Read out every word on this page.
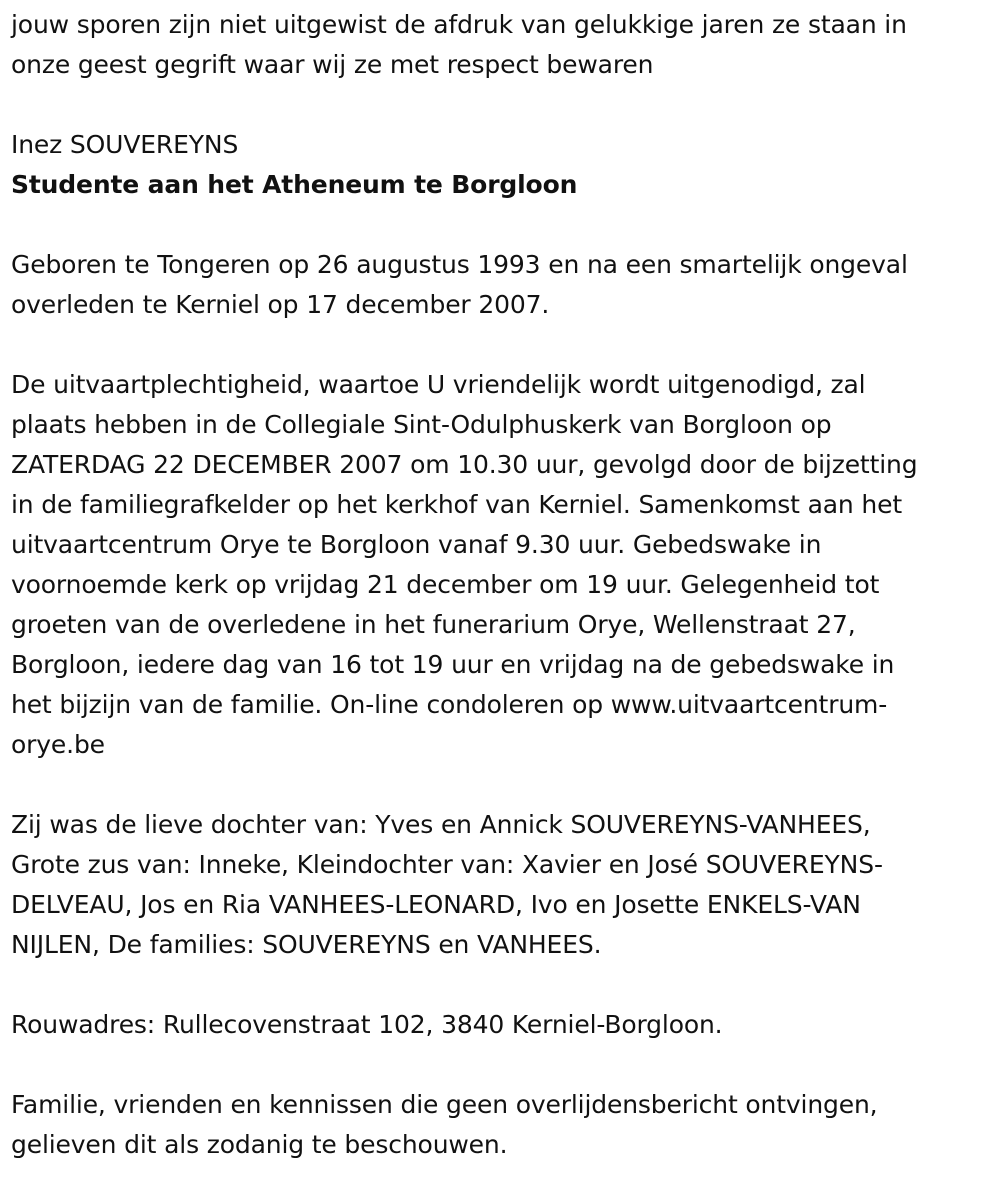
jouw sporen zijn niet uitgewist de afdruk van gelukkige jaren ze staan in
onze geest gegrift waar wij ze met respect bewaren
Inez SOUVEREYNS
Studente aan het Atheneum te Borgloon
Geboren te Tongeren op 26 augustus 1993 en na een smartelijk ongeval
overleden te Kerniel op 17 december 2007.
De uitvaartplechtigheid, waartoe U vriendelijk wordt uitgenodigd, zal
plaats hebben in de Collegiale Sint-Odulphuskerk van Borgloon op
ZATERDAG 22 DECEMBER 2007 om 10.30 uur, gevolgd door de bijzetting
in de familiegrafkelder op het kerkhof van Kerniel. Samenkomst aan het
uitvaartcentrum Orye te Borgloon vanaf 9.30 uur. Gebedswake in
voornoemde kerk op vrijdag 21 december om 19 uur. Gelegenheid tot
groeten van de overledene in het funerarium Orye, Wellenstraat 27,
Borgloon, iedere dag van 16 tot 19 uur en vrijdag na de gebedswake in
het bijzijn van de familie. On-line condoleren op www.uitvaartcentrum-
orye.be
Zij was de lieve dochter van: Yves en Annick SOUVEREYNS-VANHEES,
Grote zus van: Inneke, Kleindochter van: Xavier en José SOUVEREYNS-
DELVEAU, Jos en Ria VANHEES-LEONARD, Ivo en Josette ENKELS-VAN
NIJLEN, De families: SOUVEREYNS en VANHEES.
Rouwadres: Rullecovenstraat 102, 3840 Kerniel-Borgloon.
Familie, vrienden en kennissen die geen overlijdensbericht ontvingen,
gelieven dit als zodanig te beschouwen.
